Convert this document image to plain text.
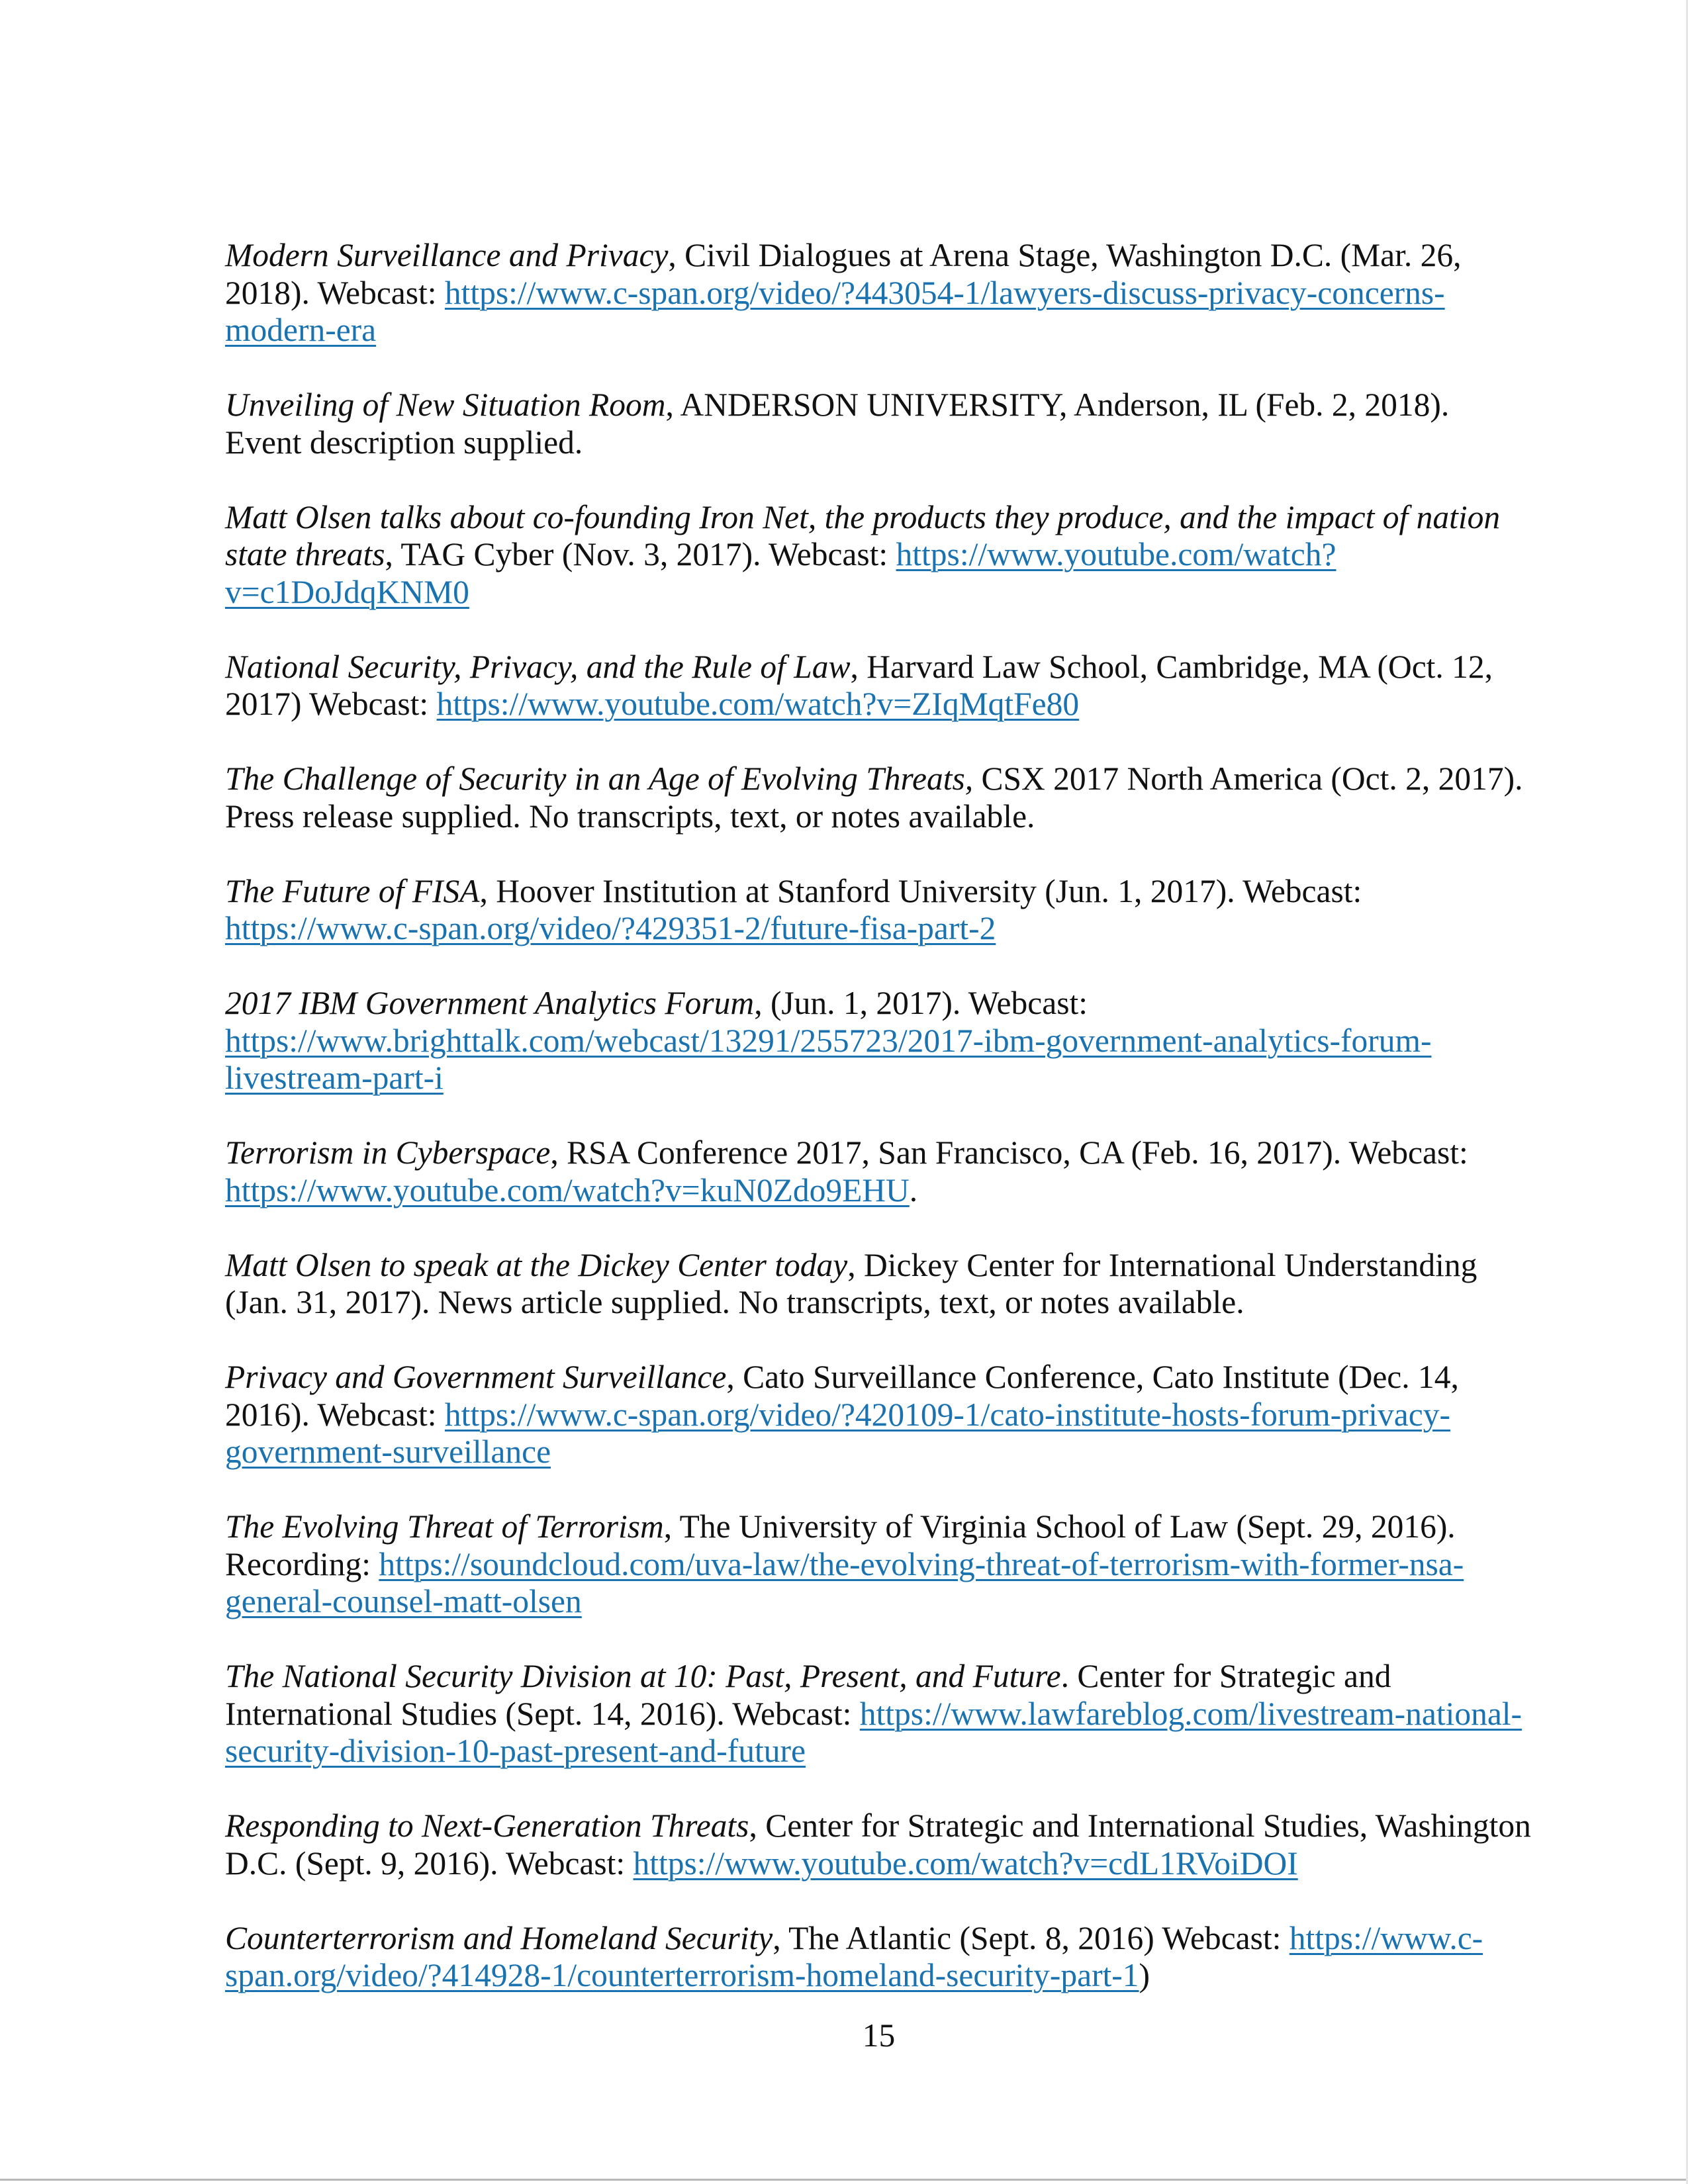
Modern Surveillance and Privacy, Civil Dialogues at Arena Stage, Washington D.C. (Mar. 26, 2018). Webcast: https://www.c-span.org/video/?443054-1/lawyers-discuss-privacy-concerns-modern-era

Unveiling of New Situation Room, ANDERSON UNIVERSITY, Anderson, IL (Feb. 2, 2018). Event description supplied.

Matt Olsen talks about co-founding Iron Net, the products they produce, and the impact of nation state threats, TAG Cyber (Nov. 3, 2017). Webcast: https://www.youtube.com/watch?v=c1DoJdqKNM0

National Security, Privacy, and the Rule of Law, Harvard Law School, Cambridge, MA (Oct. 12, 2017) Webcast: https://www.youtube.com/watch?v=ZIqMqtFe80

The Challenge of Security in an Age of Evolving Threats, CSX 2017 North America (Oct. 2, 2017). Press release supplied. No transcripts, text, or notes available.

The Future of FISA, Hoover Institution at Stanford University (Jun. 1, 2017). Webcast: https://www.c-span.org/video/?429351-2/future-fisa-part-2

2017 IBM Government Analytics Forum, (Jun. 1, 2017). Webcast: https://www.brighttalk.com/webcast/13291/255723/2017-ibm-government-analytics-forum-livestream-part-i

Terrorism in Cyberspace, RSA Conference 2017, San Francisco, CA (Feb. 16, 2017). Webcast: https://www.youtube.com/watch?v=kuN0Zdo9EHU.

Matt Olsen to speak at the Dickey Center today, Dickey Center for International Understanding (Jan. 31, 2017). News article supplied. No transcripts, text, or notes available.

Privacy and Government Surveillance, Cato Surveillance Conference, Cato Institute (Dec. 14, 2016). Webcast: https://www.c-span.org/video/?420109-1/cato-institute-hosts-forum-privacy-government-surveillance

The Evolving Threat of Terrorism, The University of Virginia School of Law (Sept. 29, 2016). Recording: https://soundcloud.com/uva-law/the-evolving-threat-of-terrorism-with-former-nsa-general-counsel-matt-olsen

The National Security Division at 10: Past, Present, and Future. Center for Strategic and International Studies (Sept. 14, 2016). Webcast: https://www.lawfareblog.com/livestream-national-security-division-10-past-present-and-future

Responding to Next-Generation Threats, Center for Strategic and International Studies, Washington D.C. (Sept. 9, 2016). Webcast: https://www.youtube.com/watch?v=cdL1RVoiDOI

Counterterrorism and Homeland Security, The Atlantic (Sept. 8, 2016) Webcast: https://www.c-span.org/video/?414928-1/counterterrorism-homeland-security-part-1)

15
